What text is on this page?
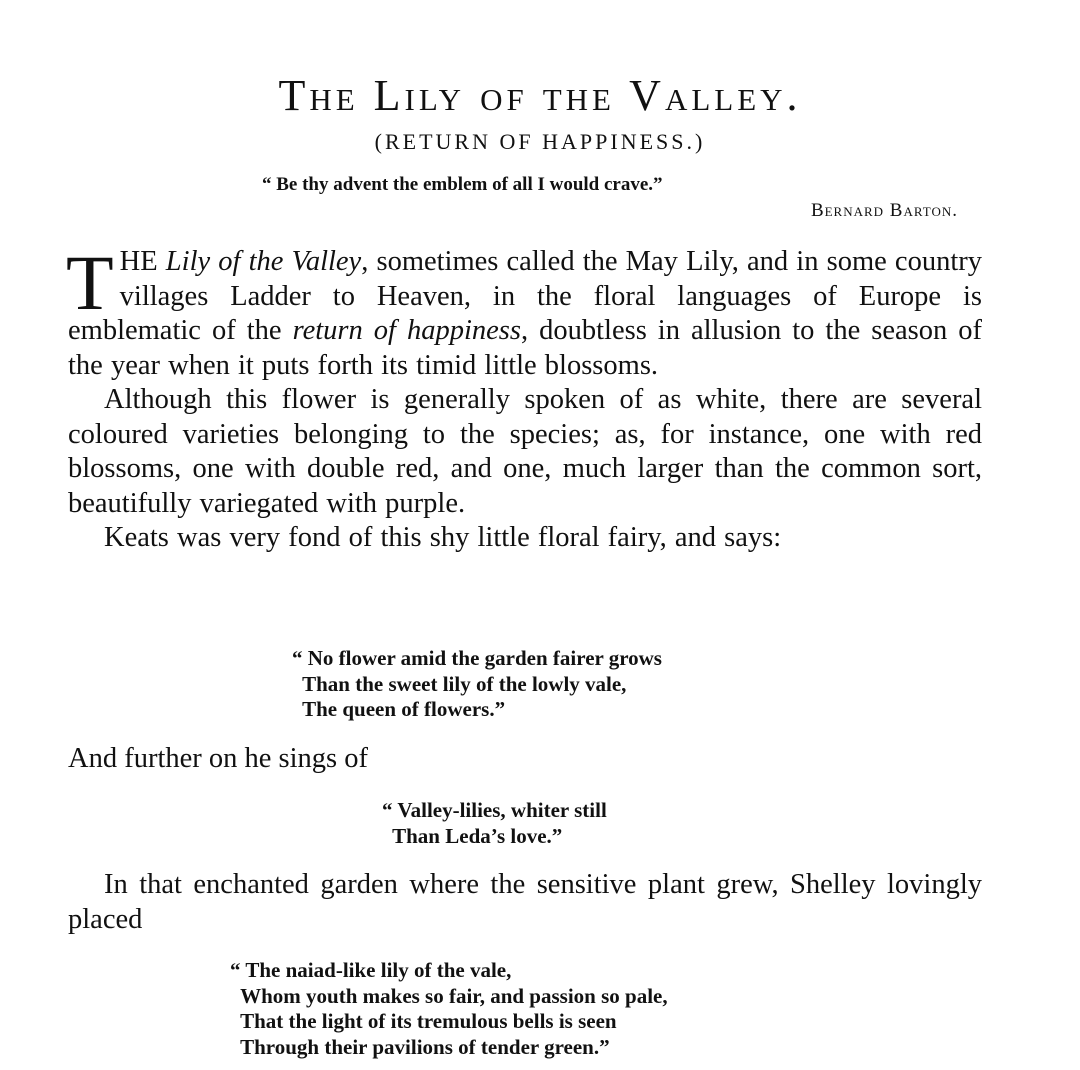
The Lily of the Valley.
(RETURN OF HAPPINESS.)
“ Be thy advent the emblem of all I would crave.”
Bernard Barton.

THE Lily of the Valley, sometimes called the May Lily, and in some country villages Ladder to Heaven, in the floral languages of Europe is emblematic of the return of happiness, doubtless in allusion to the season of the year when it puts forth its timid little blossoms.

Although this flower is generally spoken of as white, there are several coloured varieties belonging to the species; as, for instance, one with red blossoms, one with double red, and one, much larger than the common sort, beautifully variegated with purple.

Keats was very fond of this shy little floral fairy, and says:

“ No flower amid the garden fairer grows
Than the sweet lily of the lowly vale,
The queen of flowers.”
And further on he sings of
“ Valley-lilies, whiter still
Than Leda’s love.”

In that enchanted garden where the sensitive plant grew, Shelley lovingly placed

“ The naiad-like lily of the vale,
Whom youth makes so fair, and passion so pale,
That the light of its tremulous bells is seen
Through their pavilions of tender green.”
